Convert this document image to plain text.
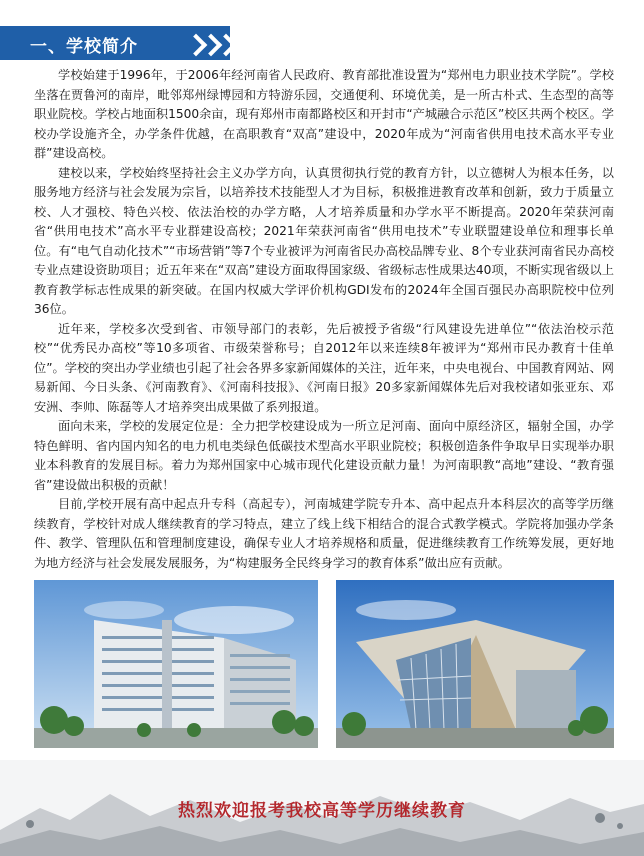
一、学校简介

学校始建于1996年，于2006年经河南省人民政府、教育部批准设置为“郑州电力职业技术学院”。学校坐落在贾鲁河的南岸，毗邻郑州绿博园和方特游乐园，交通便利、环境优美，是一所古朴式、生态型的高等职业院校。学校占地面积1500余亩，现有郑州市南都路校区和开封市“产城融合示范区”校区共两个校区。学校办学设施齐全，办学条件优越，在高职教育“双高”建设中，2020年成为“河南省供用电技术高水平专业群”建设高校。

建校以来，学校始终坚持社会主义办学方向，认真贯彻执行党的教育方针，以立德树人为根本任务，以服务地方经济与社会发展为宗旨，以培养技术技能型人才为目标，积极推进教育改革和创新，致力于质量立校、人才强校、特色兴校、依法治校的办学方略，人才培养质量和办学水平不断提高。2020年荣获河南省“供用电技术”高水平专业群建设高校；2021年荣获河南省“供用电技术”专业联盟建设单位和理事长单位。有“电气自动化技术”“市场营销”等7个专业被评为河南省民办高校品牌专业、8个专业获河南省民办高校专业点建设资助项目；近五年来在“双高”建设方面取得国家级、省级标志性成果达40项，不断实现省级以上教育教学标志性成果的新突破。在国内权威大学评价机构GDI发布的2024年全国百强民办高职院校中位列36位。

近年来，学校多次受到省、市领导部门的表彰，先后被授予省级“行风建设先进单位”“依法治校示范校”“优秀民办高校”等10多项省、市级荣誉称号；自2012年以来连续8年被评为“郑州市民办教育十佳单位”。学校的突出办学业绩也引起了社会各界多家新闻媒体的关注，近年来，中央电视台、中国教育网站、网易新闻、今日头条、《河南教育》、《河南科技报》、《河南日报》20多家新闻媒体先后对我校诸如张亚东、邓安洲、李帅、陈磊等人才培养突出成果做了系列报道。

面向未来，学校的发展定位是：全力把学校建设成为一所立足河南、面向中原经济区，辐射全国，办学特色鲜明、省内国内知名的电力机电类绿色低碳技术型高水平职业院校；积极创造条件争取早日实现举办职业本科教育的发展目标。着力为郑州国家中心城市现代化建设贡献力量！为河南职教“高地”建设、“教育强省”建设做出积极的贡献！

目前,学校开展有高中起点升专科（高起专），河南城建学院专升本、高中起点升本科层次的高等学历继续教育，学校针对成人继续教育的学习特点，建立了线上线下相结合的混合式教学模式。学院将加强办学条件、教学、管理队伍和管理制度建设，确保专业人才培养规格和质量，促进继续教育工作统筹发展，更好地为地方经济与社会发展发展服务，为“构建服务全民终身学习的教育体系”做出应有贡献。

热烈欢迎报考我校高等学历继续教育
